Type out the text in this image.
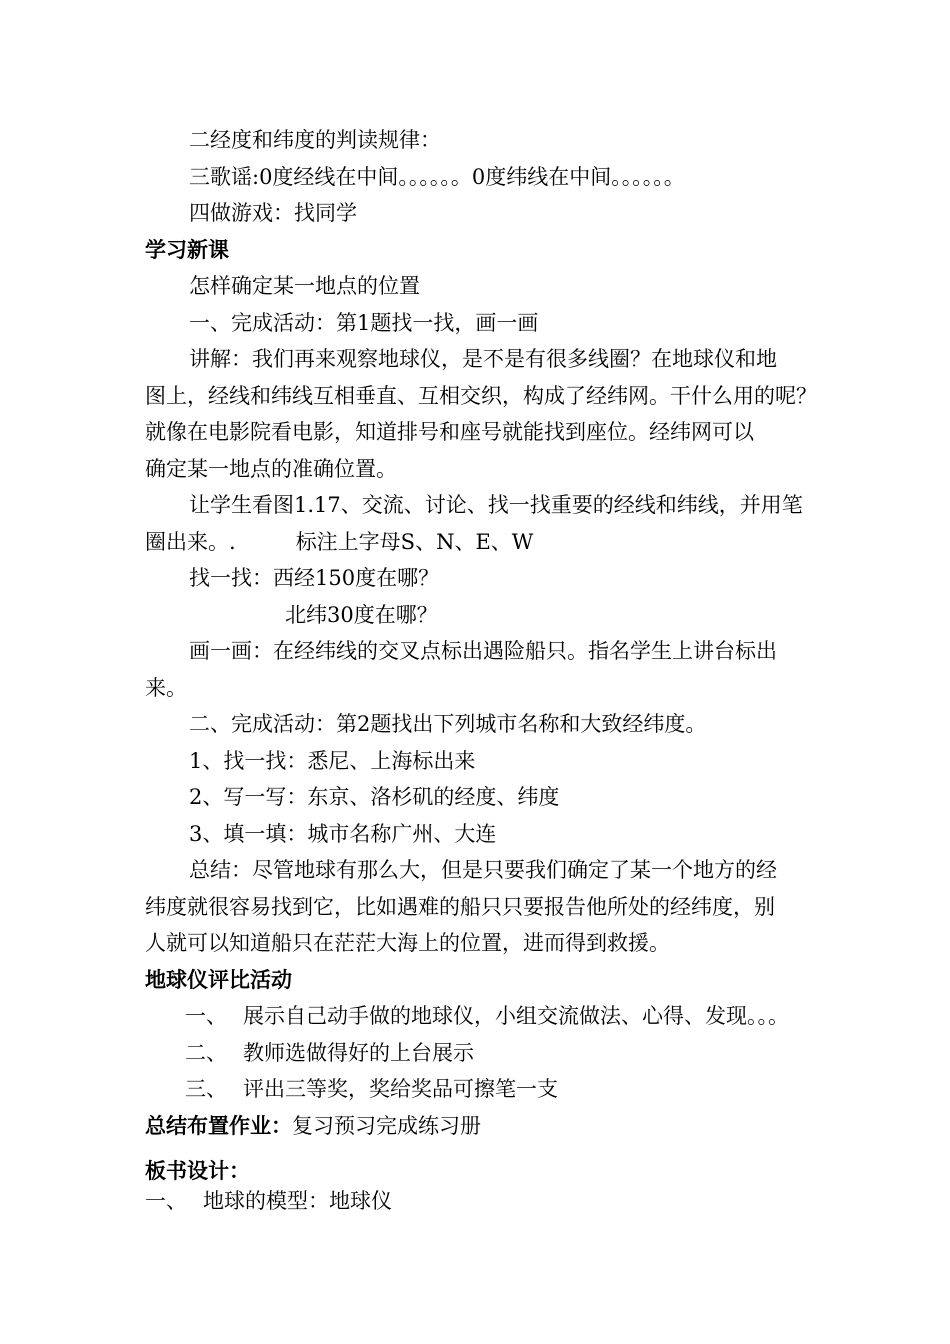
二经度和纬度的判读规律：
三歌谣:0度经线在中间。。。。。。0度纬线在中间。。。。。。
四做游戏：找同学
学习新课
怎样确定某一地点的位置
一、完成活动：第1题找一找，画一画
讲解：我们再来观察地球仪，是不是有很多线圈？在地球仪和地
图上，经线和纬线互相垂直、互相交织，构成了经纬网。干什么用的呢？
就像在电影院看电影，知道排号和座号就能找到座位。经纬网可以
确定某一地点的准确位置。
让学生看图1.17、交流、讨论、找一找重要的经线和纬线，并用笔
圈出来。.	标注上字母S、N、E、W
找一找：西经150度在哪？
北纬30度在哪？
画一画：在经纬线的交叉点标出遇险船只。指名学生上讲台标出
来。
二、完成活动：第2题找出下列城市名称和大致经纬度。
1、找一找：悉尼、上海标出来
2、写一写：东京、洛杉矶的经度、纬度
3、填一填：城市名称广州、大连
总结：尽管地球有那么大，但是只要我们确定了某一个地方的经
纬度就很容易找到它，比如遇难的船只只要报告他所处的经纬度，别
人就可以知道船只在茫茫大海上的位置，进而得到救援。
地球仪评比活动
一、 展示自己动手做的地球仪，小组交流做法、心得、发现。。。
二、 教师选做得好的上台展示
三、 评出三等奖，奖给奖品可擦笔一支
总结布置作业：复习预习完成练习册
板书设计：
一、 地球的模型：地球仪
